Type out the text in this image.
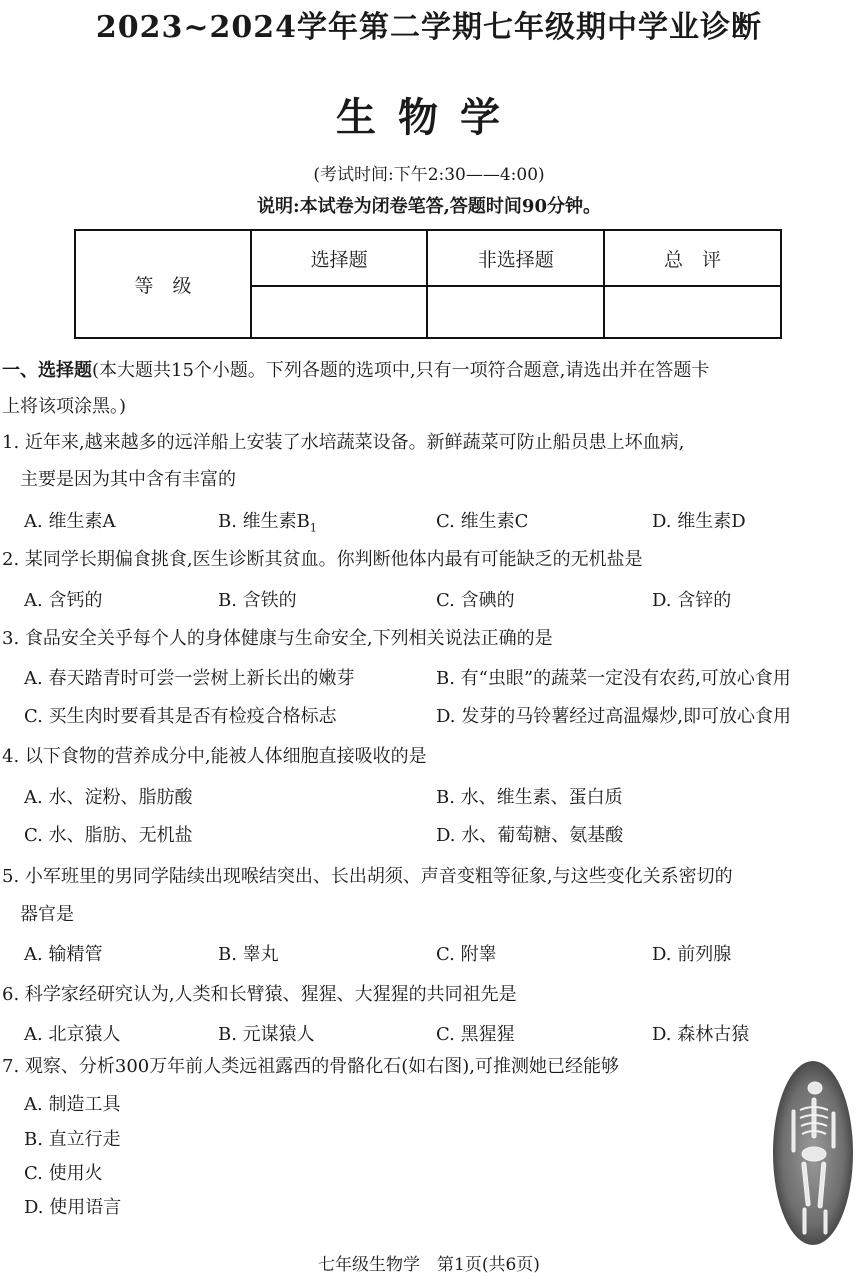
2023~2024学年第二学期七年级期中学业诊断
生物学
(考试时间:下午2:30——4:00)
说明:本试卷为闭卷笔答,答题时间90分钟。
等　级	选择题	非选择题	总　评

一、选择题(本大题共15个小题。下列各题的选项中,只有一项符合题意,请选出并在答题卡
上将该项涂黑。)
1. 近年来,越来越多的远洋船上安装了水培蔬菜设备。新鲜蔬菜可防止船员患上坏血病,
　主要是因为其中含有丰富的
A. 维生素A	B. 维生素$B_1$	C. 维生素C	D. 维生素D
2. 某同学长期偏食挑食,医生诊断其贫血。你判断他体内最有可能缺乏的无机盐是
A. 含钙的	B. 含铁的	C. 含碘的	D. 含锌的
3. 食品安全关乎每个人的身体健康与生命安全,下列相关说法正确的是
A. 春天踏青时可尝一尝树上新长出的嫩芽	B. 有“虫眼”的蔬菜一定没有农药,可放心食用
C. 买生肉时要看其是否有检疫合格标志	D. 发芽的马铃薯经过高温爆炒,即可放心食用
4. 以下食物的营养成分中,能被人体细胞直接吸收的是
A. 水、淀粉、脂肪酸	B. 水、维生素、蛋白质
C. 水、脂肪、无机盐	D. 水、葡萄糖、氨基酸
5. 小军班里的男同学陆续出现喉结突出、长出胡须、声音变粗等征象,与这些变化关系密切的
　器官是
A. 输精管	B. 睾丸	C. 附睾	D. 前列腺
6. 科学家经研究认为,人类和长臂猿、猩猩、大猩猩的共同祖先是
A. 北京猿人	B. 元谋猿人	C. 黑猩猩	D. 森林古猿
7. 观察、分析300万年前人类远祖露西的骨骼化石(如右图),可推测她已经能够
A. 制造工具
B. 直立行走
C. 使用火
D. 使用语言
七年级生物学　第1页(共6页)
